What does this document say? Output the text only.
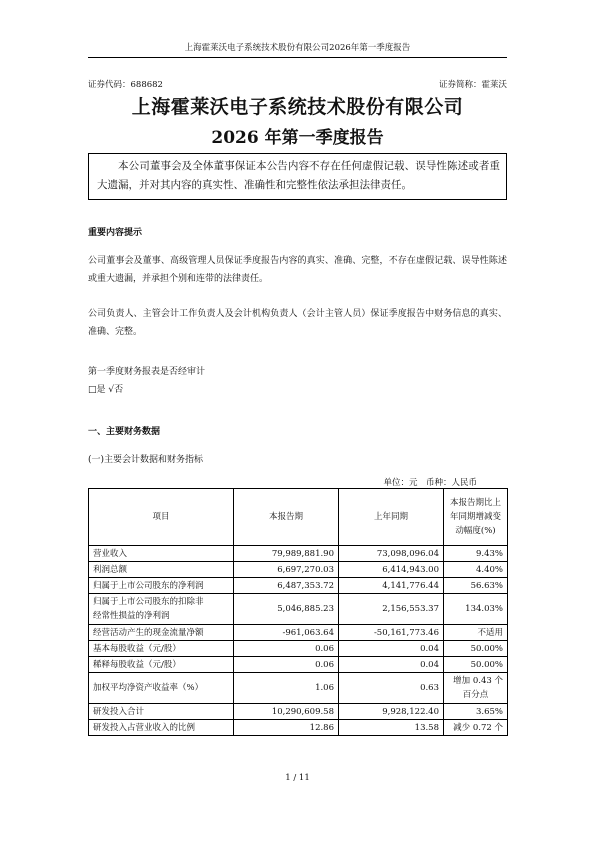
上海霍莱沃电子系统技术股份有限公司2026年第一季度报告
证券代码：688682	证券简称：霍莱沃
上海霍莱沃电子系统技术股份有限公司
2026 年第一季度报告

本公司董事会及全体董事保证本公告内容不存在任何虚假记载、误导性陈述或者重大遗漏，并对其内容的真实性、准确性和完整性依法承担法律责任。

重要内容提示
公司董事会及董事、高级管理人员保证季度报告内容的真实、准确、完整，不存在虚假记载、误导性陈述或重大遗漏，并承担个别和连带的法律责任。
公司负责人、主管会计工作负责人及会计机构负责人（会计主管人员）保证季度报告中财务信息的真实、准确、完整。
第一季度财务报表是否经审计
□是 √否
一、主要财务数据
(一)主要会计数据和财务指标
单位：元　币种：人民币
项目	本报告期	上年同期	本报告期比上
年同期增减变
动幅度(%)

营业收入	79,989,881.90	73,098,096.04	9.43%
利润总额	6,697,270.03	6,414,943.00	4.40%
归属于上市公司股东的净利润	6,487,353.72	4,141,776.44	56.63%

归属于上市公司股东的扣除非
经常性损益的净利润	5,046,885.23	2,156,553.37	134.03%
经营活动产生的现金流量净额	-961,063.64	-50,161,773.46	不适用
基本每股收益（元/股）	0.06	0.04	50.00%
稀释每股收益（元/股）	0.06	0.04	50.00%
加权平均净资产收益率（%）	1.06	0.63	增加 0.43 个
百分点

研发投入合计	10,290,609.58	9,928,122.40	3.65%
研发投入占营业收入的比例	12.86	13.58	减少 0.72 个
1 / 11
